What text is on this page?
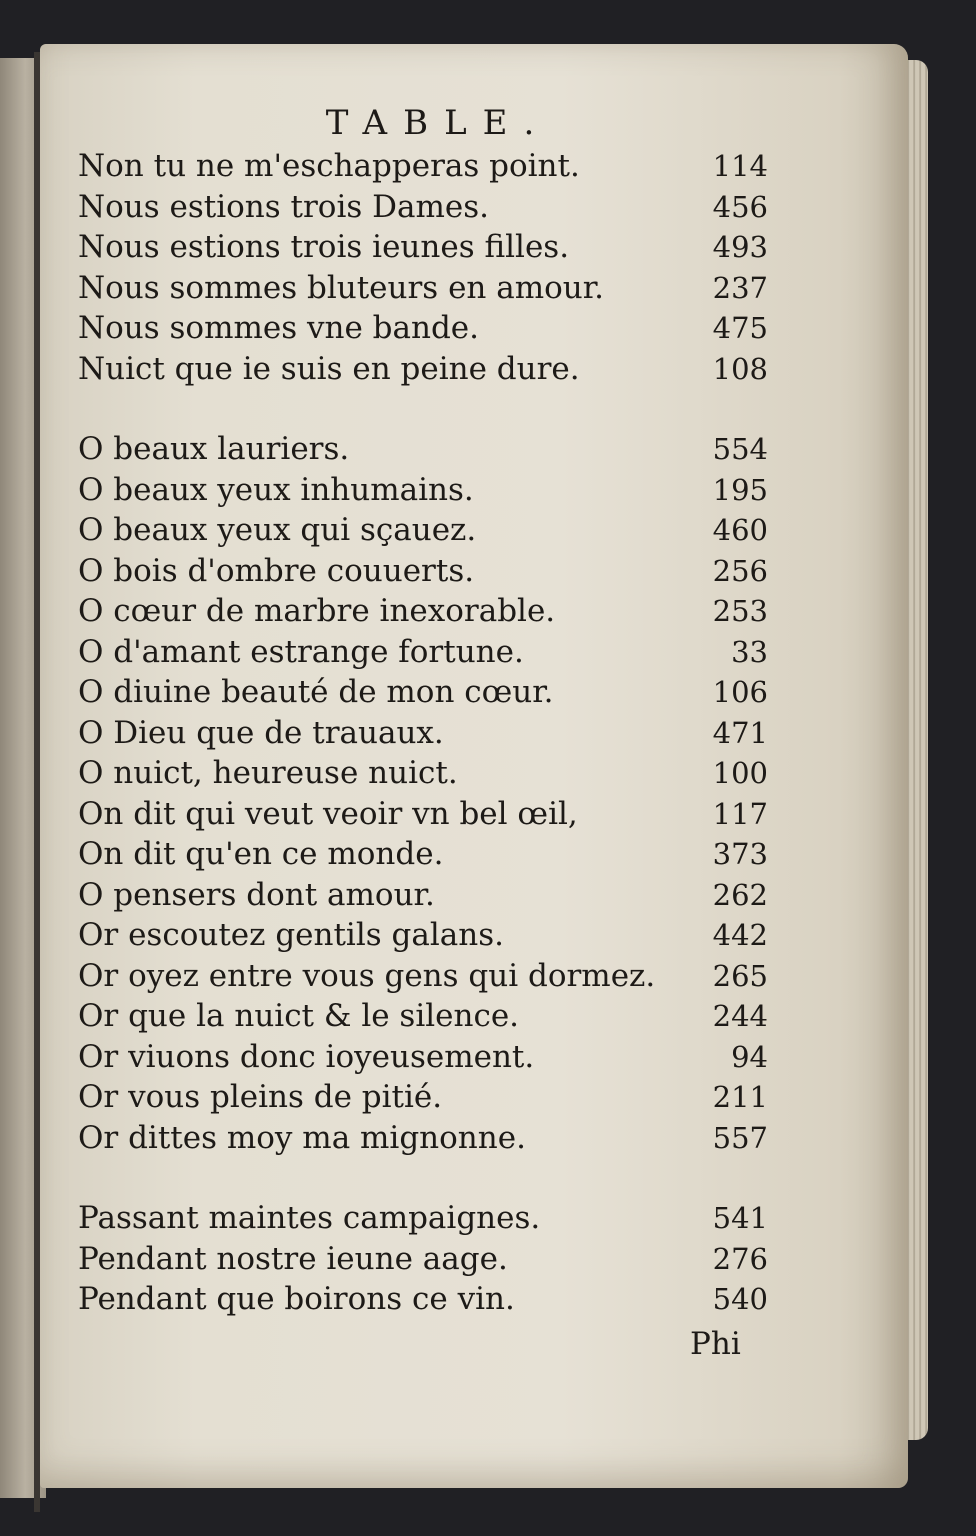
TABLE.
Non tu ne m'eschapperas point.	114
Nous estions trois Dames.	456
Nous estions trois ieunes filles.	493
Nous sommes bluteurs en amour.	237
Nous sommes vne bande.	475
Nuict que ie suis en peine dure.	108
O beaux lauriers.	554
O beaux yeux inhumains.	195
O beaux yeux qui sçauez.	460
O bois d'ombre couuerts.	256
O cœur de marbre inexorable.	253
O d'amant estrange fortune.	33
O diuine beauté de mon cœur.	106
O Dieu que de trauaux.	471
O nuict, heureuse nuict.	100
On dit qui veut veoir vn bel œil,	117
On dit qu'en ce monde.	373
O pensers dont amour.	262
Or escoutez gentils galans.	442
Or oyez entre vous gens qui dormez. 265
Or que la nuict & le silence.	244
Or viuons donc ioyeusement.	94
Or vous pleins de pitié.	211
Or dittes moy ma mignonne.	557
Passant maintes campaignes.	541
Pendant nostre ieune aage.	276
Pendant que boirons ce vin.	540
Phi
